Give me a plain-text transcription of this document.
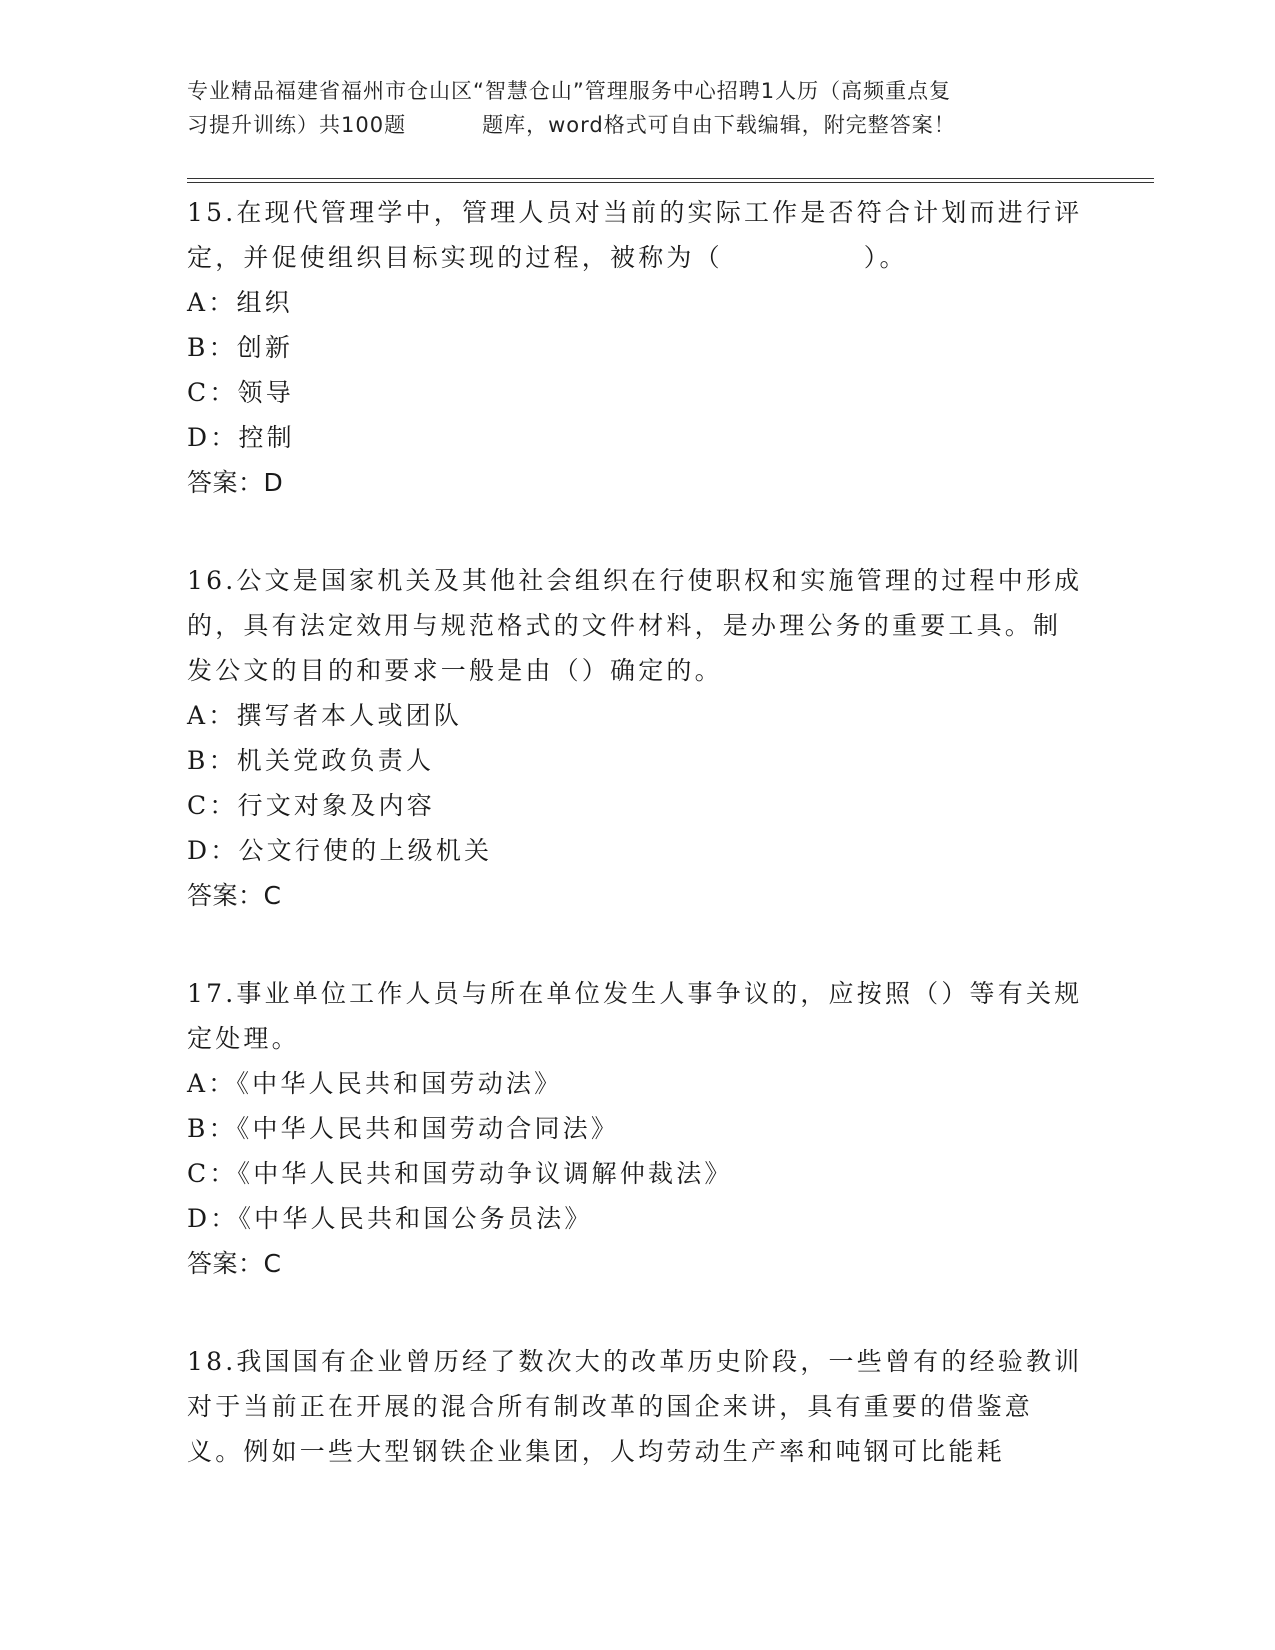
专业精品福建省福州市仓山区“智慧仓山”管理服务中心招聘1人历（高频重点复
习提升训练）共100题	题库，word格式可自由下载编辑，附完整答案！

15.在现代管理学中，管理人员对当前的实际工作是否符合计划而进行评定，并促使组织目标实现的过程，被称为（　　　　　）。

A：组织

B：创新

C：领导

D：控制

答案：D

16.公文是国家机关及其他社会组织在行使职权和实施管理的过程中形成的，具有法定效用与规范格式的文件材料，是办理公务的重要工具。制发公文的目的和要求一般是由（）确定的。

A：撰写者本人或团队

B：机关党政负责人

C：行文对象及内容

D：公文行使的上级机关

答案：C

17.事业单位工作人员与所在单位发生人事争议的，应按照（）等有关规定处理。

A：《中华人民共和国劳动法》

B：《中华人民共和国劳动合同法》

C：《中华人民共和国劳动争议调解仲裁法》

D：《中华人民共和国公务员法》

答案：C

18.我国国有企业曾历经了数次大的改革历史阶段，一些曾有的经验教训对于当前正在开展的混合所有制改革的国企来讲，具有重要的借鉴意义。例如一些大型钢铁企业集团，人均劳动生产率和吨钢可比能耗
